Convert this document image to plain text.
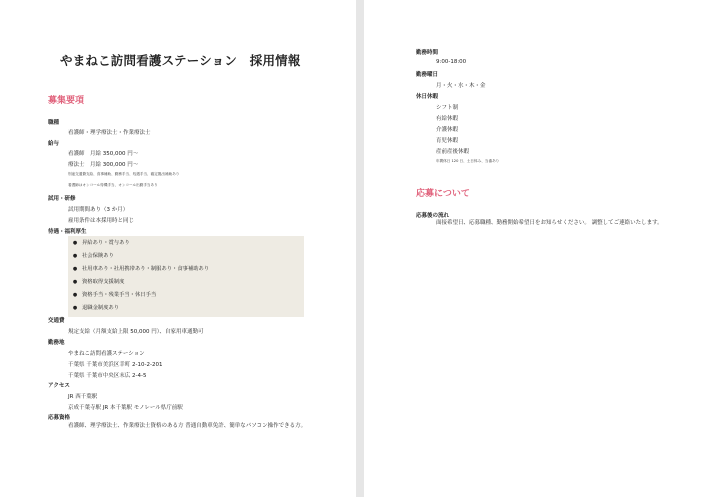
やまねこ訪問看護ステーション　採用情報
募集要項
職種
看護師・理学療法士・作業療法士
給与
看護師　月給 350,000 円〜
療法士　月給 300,000 円〜
別途交通費支給、食事補助、勤務手当、処遇手当、確定拠出補助あり
看護師はオンコール待機手当、オンコール出勤手当あり
試用・研修
試用期間あり（3 か月）
雇用条件は本採用時と同じ
待遇・福利厚生
● 昇給あり・賞与あり
● 社会保険あり
● 社用車あり・社用携帯あり・制服あり・食事補助あり
● 資格取得支援制度
● 資格手当・残業手当・休日手当
● 退職金制度あり
交通費
規定支給（月額支給上限 50,000 円）、自家用車通勤可
勤務地
やまねこ訪問看護ステーション
千葉県 千葉市美浜区幸町 2-10-2-201
千葉県 千葉市中央区末広 2-4-5
アクセス
JR 西千葉駅
京成千葉寺駅 JR 本千葉駅 モノレール県庁前駅
応募資格
看護師、理学療法士、作業療法士資格のある方 普通自動車免許、簡単なパソコン操作できる方。
勤務時間
9:00-18:00
勤務曜日
月・火・水・木・金
休日休暇
シフト制
有給休暇
介護休暇
育児休暇
産前産後休暇
年間休日 120 日、土日休み、当番あり
応募について
応募後の流れ
面接希望日、応募職種、勤務開始希望日をお知らせください。 調整してご連絡いたします。
